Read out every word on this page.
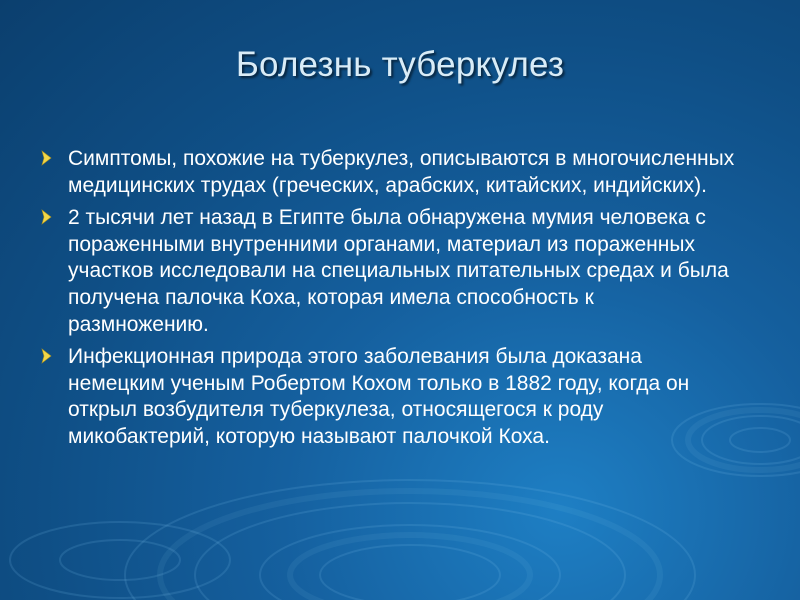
Болезнь туберкулез
Симптомы, похожие на туберкулез, описываются в многочисленных медицинских трудах (греческих, арабских, китайских, индийских).
2 тысячи лет назад в Египте была обнаружена мумия человека с пораженными внутренними органами, материал из пораженных участков исследовали на специальных питательных средах и была получена палочка Коха, которая имела способность к размножению.
Инфекционная природа этого заболевания была доказана немецким ученым Робертом Кохом только в 1882 году, когда он открыл возбудителя туберкулеза, относящегося к роду микобактерий, которую называют палочкой Коха.
